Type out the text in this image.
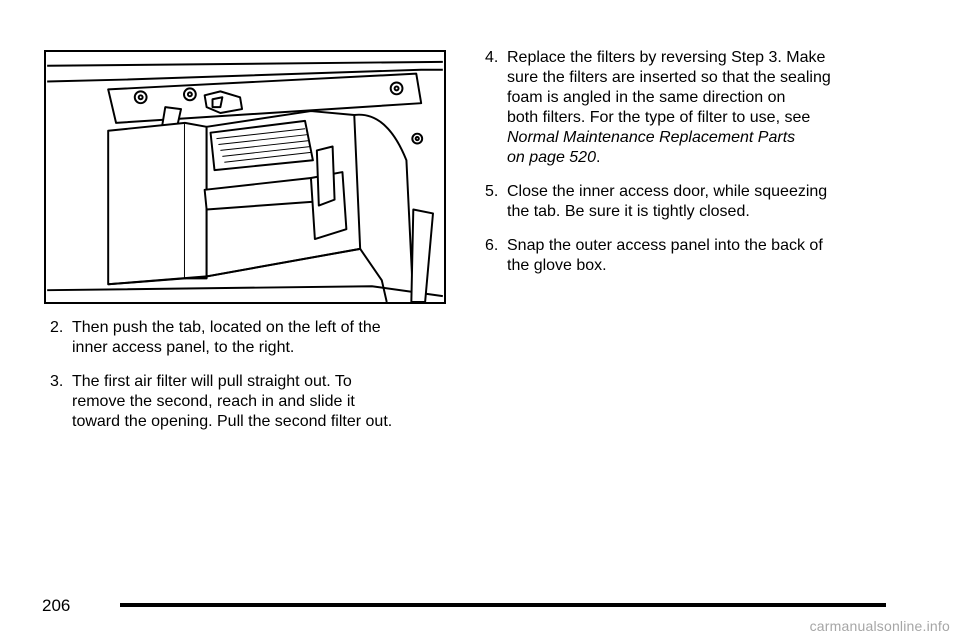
2. Then push the tab, located on the left of the
inner access panel, to the right.
3. The first air filter will pull straight out. To
remove the second, reach in and slide it
toward the opening. Pull the second filter out.
4. Replace the filters by reversing Step 3. Make
sure the filters are inserted so that the sealing
foam is angled in the same direction on
both filters. For the type of filter to use, see
Normal Maintenance Replacement Parts
on page 520.
5. Close the inner access door, while squeezing
the tab. Be sure it is tightly closed.
6. Snap the outer access panel into the back of
the glove box.
206
carmanualsonline.info
